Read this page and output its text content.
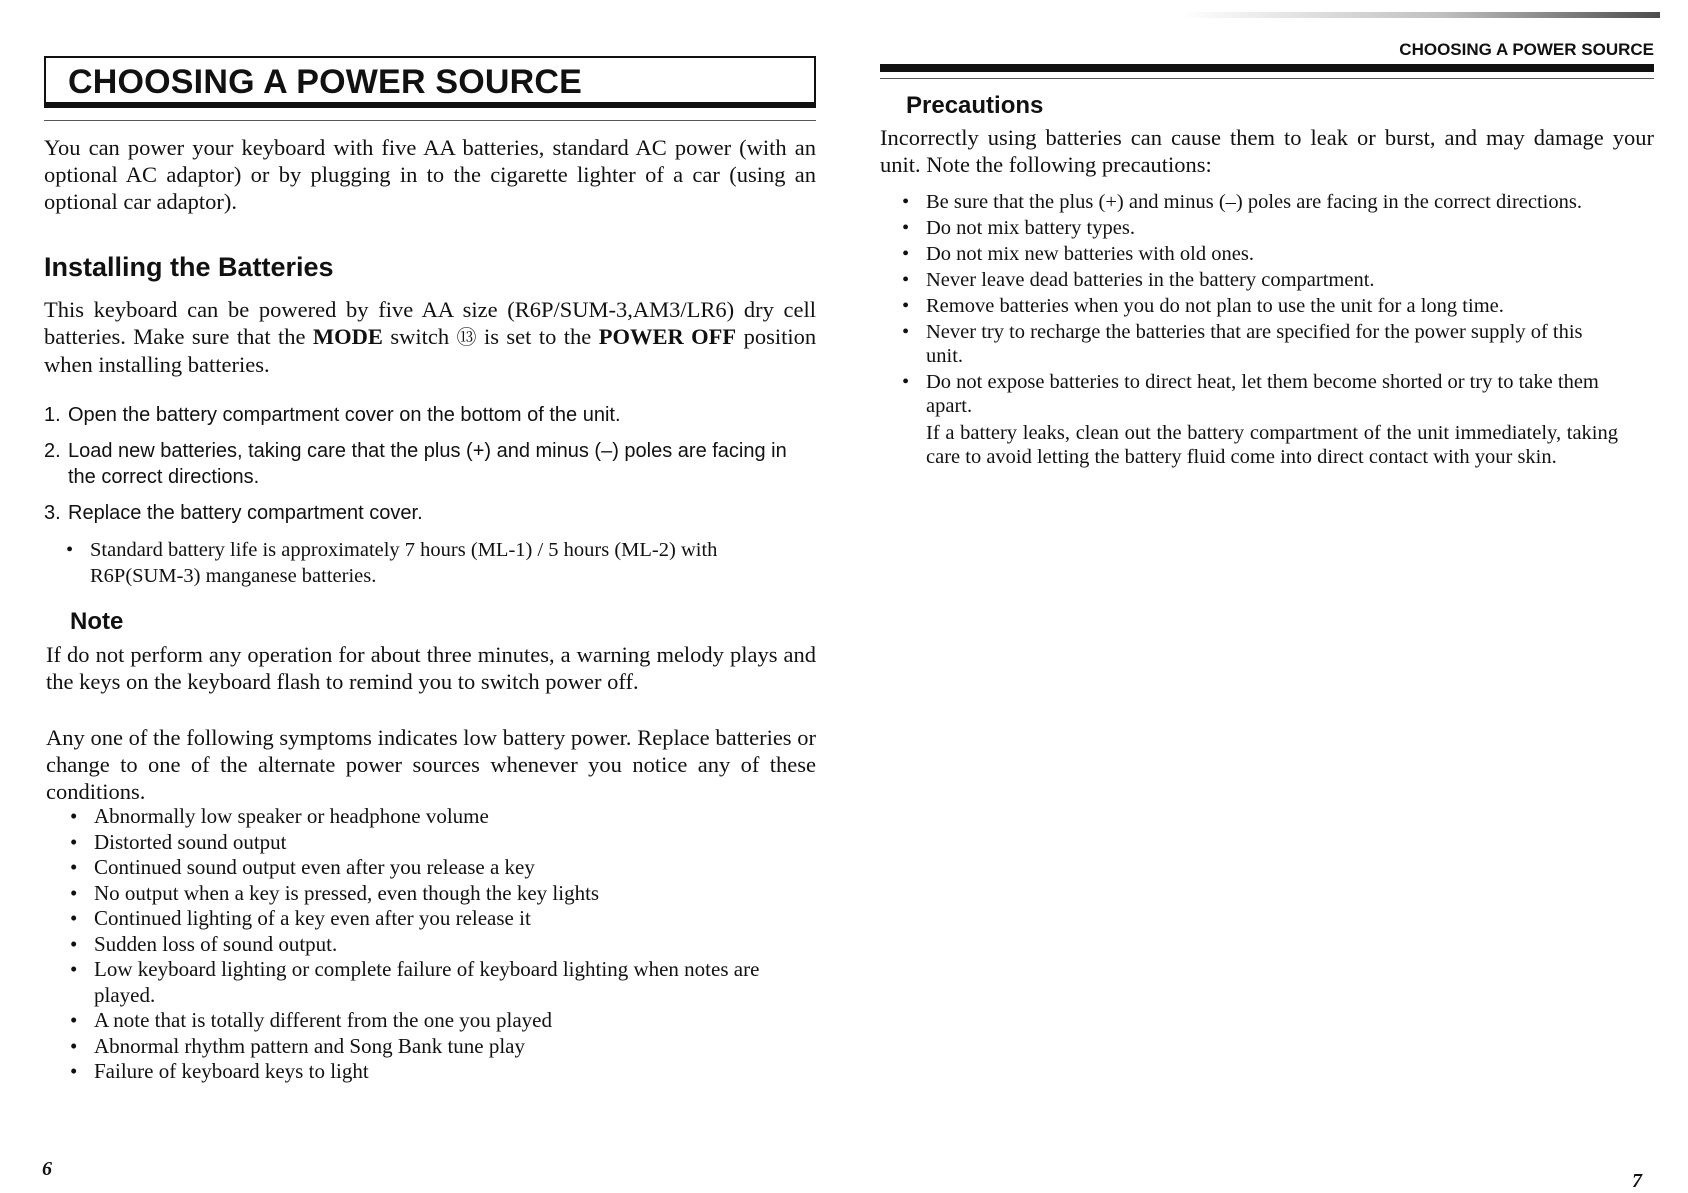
CHOOSING A POWER SOURCE

You can power your keyboard with five AA batteries, standard AC power (with an optional AC adaptor) or by plugging in to the cigarette lighter of a car (using an optional car adaptor).

Installing the Batteries

This keyboard can be powered by five AA size (R6P/SUM-3,AM3/LR6) dry cell batteries. Make sure that the MODE switch ⑬ is set to the POWER OFF position when installing batteries.

1. Open the battery compartment cover on the bottom of the unit.
2. Load new batteries, taking care that the plus (+) and minus (–) poles are facing in the correct directions.
3. Replace the battery compartment cover.
• Standard battery life is approximately 7 hours (ML-1) / 5 hours (ML-2) with R6P(SUM-3) manganese batteries.
Note

If do not perform any operation for about three minutes, a warning melody plays and the keys on the keyboard flash to remind you to switch power off.

Any one of the following symptoms indicates low battery power. Replace batteries or change to one of the alternate power sources whenever you notice any of these conditions.

• Abnormally low speaker or headphone volume
• Distorted sound output
• Continued sound output even after you release a key
• No output when a key is pressed, even though the key lights
• Continued lighting of a key even after you release it
• Sudden loss of sound output.
• Low keyboard lighting or complete failure of keyboard lighting when notes are played.
• A note that is totally different from the one you played
• Abnormal rhythm pattern and Song Bank tune play
• Failure of keyboard keys to light
6
CHOOSING A POWER SOURCE
Precautions

Incorrectly using batteries can cause them to leak or burst, and may damage your unit. Note the following precautions:

• Be sure that the plus (+) and minus (–) poles are facing in the correct directions.
• Do not mix battery types.
• Do not mix new batteries with old ones.
• Never leave dead batteries in the battery compartment.
• Remove batteries when you do not plan to use the unit for a long time.
• Never try to recharge the batteries that are specified for the power supply of this unit.
• Do not expose batteries to direct heat, let them become shorted or try to take them apart.
If a battery leaks, clean out the battery compartment of the unit immediately, taking care to avoid letting the battery fluid come into direct contact with your skin.
7
